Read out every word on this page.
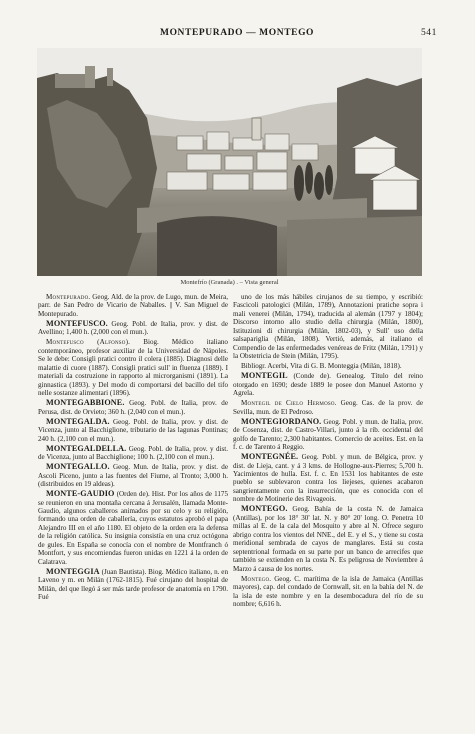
MONTEPURADO — MONTEGO	541
Montefrío (Granada) . – Vista general

Montepurado. Geog. Ald. de la prov. de Lugo, mun. de Meira, parr. de San Pedro de Vicario de Naballes. || V. San Miguel de Montepurado.

MONTEFUSCO. Geog. Pobl. de Italia, prov. y dist. de Avellino; 1,400 h. (2,000 con el mun.).

Montefusco (Alfonso). Biog. Médico italiano contemporáneo, profesor auxiliar de la Universidad de Nápoles. Se le debe: Consigli pratici contro il colera (1885). Diagnosi delle malattie di cuore (1887). Consigli pratici sull' in fluenza (1889). I materiali da costruzione in rapporto al microrganismi (1891). La ginnastica (1893). y Del modo di comportarsi del bacillo del tifo nelle sostanze alimentari (1896).

MONTEGABBIONE. Geog. Pobl. de Italia, prov. de Perusa, dist. de Orvieto; 360 h. (2,040 con el mun.).

MONTEGALDA. Geog. Pobl. de Italia, prov. y dist. de Vicenza, junto al Bacchiglione, tributario de las lagunas Pontinas; 240 h. (2,100 con el mun.).

MONTEGALDELLA. Geog. Pobl. de Italia, prov. y dist. de Vicenza, junto al Bacchiglione; 100 h. (2,100 con el mun.).

MONTEGALLO. Geog. Mun. de Italia, prov. y dist. de Ascoli Piceno, junto a las fuentes del Fiume, al Tronto; 3,000 h. (distribuidos en 19 aldeas).

MONTE-GAUDIO (Orden de). Hist. Por los años de 1175 se reunieron en una montaña cercana á Jerusalén, llamada Monte-Gaudio, algunos caballeros animados por su celo y su religión, formando una orden de caballería, cuyos estatutos aprobó el papa Alejandro III en el año 1180. El objeto de la orden era la defensa de la religión católica. Su insignia consistía en una cruz octógona de gules. En España se conocía con el nombre de Montfranch ó Montfort, y sus encomiendas fueron unidas en 1221 á la orden de Calatrava.

MONTEGGIA (Juan Bautista). Biog. Médico italiano, n. en Laveno y m. en Milán (1762-1815). Fué cirujano del hospital de Milán, del que llegó á ser más tarde profesor de anatomía en 1790. Fué

uno de los más hábiles cirujanos de su tiempo, y escribió: Fascicoli patologici (Milán, 1789), Annotazioni pratiche sopra i mali venerei (Milán, 1794), traducida al alemán (1797 y 1804); Discorso intorno allo studio della chirurgia (Milán, 1800), Istituzioni di chirurgia (Milán, 1802-03), y Sull' uso della salsapariglia (Milán, 1808). Vertió, además, al italiano el Compendio de las enfermedades venéreas de Fritz (Milán, 1791) y la Obstetricia de Stein (Milán, 1795).

Bibliogr. Acerbi, Vita di G. B. Monteggia (Milán, 1818).

MONTEGIL (Conde de). Genealog. Título del reino otorgado en 1690; desde 1889 le posee don Manuel Astorno y Agrela.

Montegil de Cielo Hermoso. Geog. Cas. de la prov. de Sevilla, mun. de El Pedroso.

MONTEGIORDANO. Geog. Pobl. y mun. de Italia, prov. de Cosenza, dist. de Castro-Villari, junto á la rib. occidental del golfo de Tarento; 2,300 habitantes. Comercio de aceites. Est. en la f. c. de Tarento á Reggio.

MONTEGNÉE. Geog. Pobl. y mun. de Bélgica, prov. y dist. de Lieja, cant. y á 3 kms. de Hollogne-aux-Pierres; 5,700 h. Yacimientos de hulla. Est. f. c. En 1531 los habitantes de este pueblo se sublevaron contra los liejeses, quienes acabaron sangrientamente con la insurrección, que es conocida con el nombre de Motinerie des Rivageois.

MONTEGO. Geog. Bahía de la costa N. de Jamaica (Antillas), por los 18° 30' lat. N. y 80° 20' long. O. Penetra 10 millas al E. de la cala del Mosquito y abre al N. Ofrece seguro abrigo contra los vientos del NNE., del E. y el S., y tiene su costa meridional sembrada de cayos de manglares. Está su costa septentrional formada en su parte por un banco de arrecifes que también se extienden en la costa N. Es peligrosa de Noviembre á Marzo á causa de los nortes.

Montego. Geog. C. marítima de la isla de Jamaica (Antillas mayores), cap. del condado de Cornwall, sit. en la bahía del N. de la isla de este nombre y en la desembocadura del río de su nombre; 6,616 h.
